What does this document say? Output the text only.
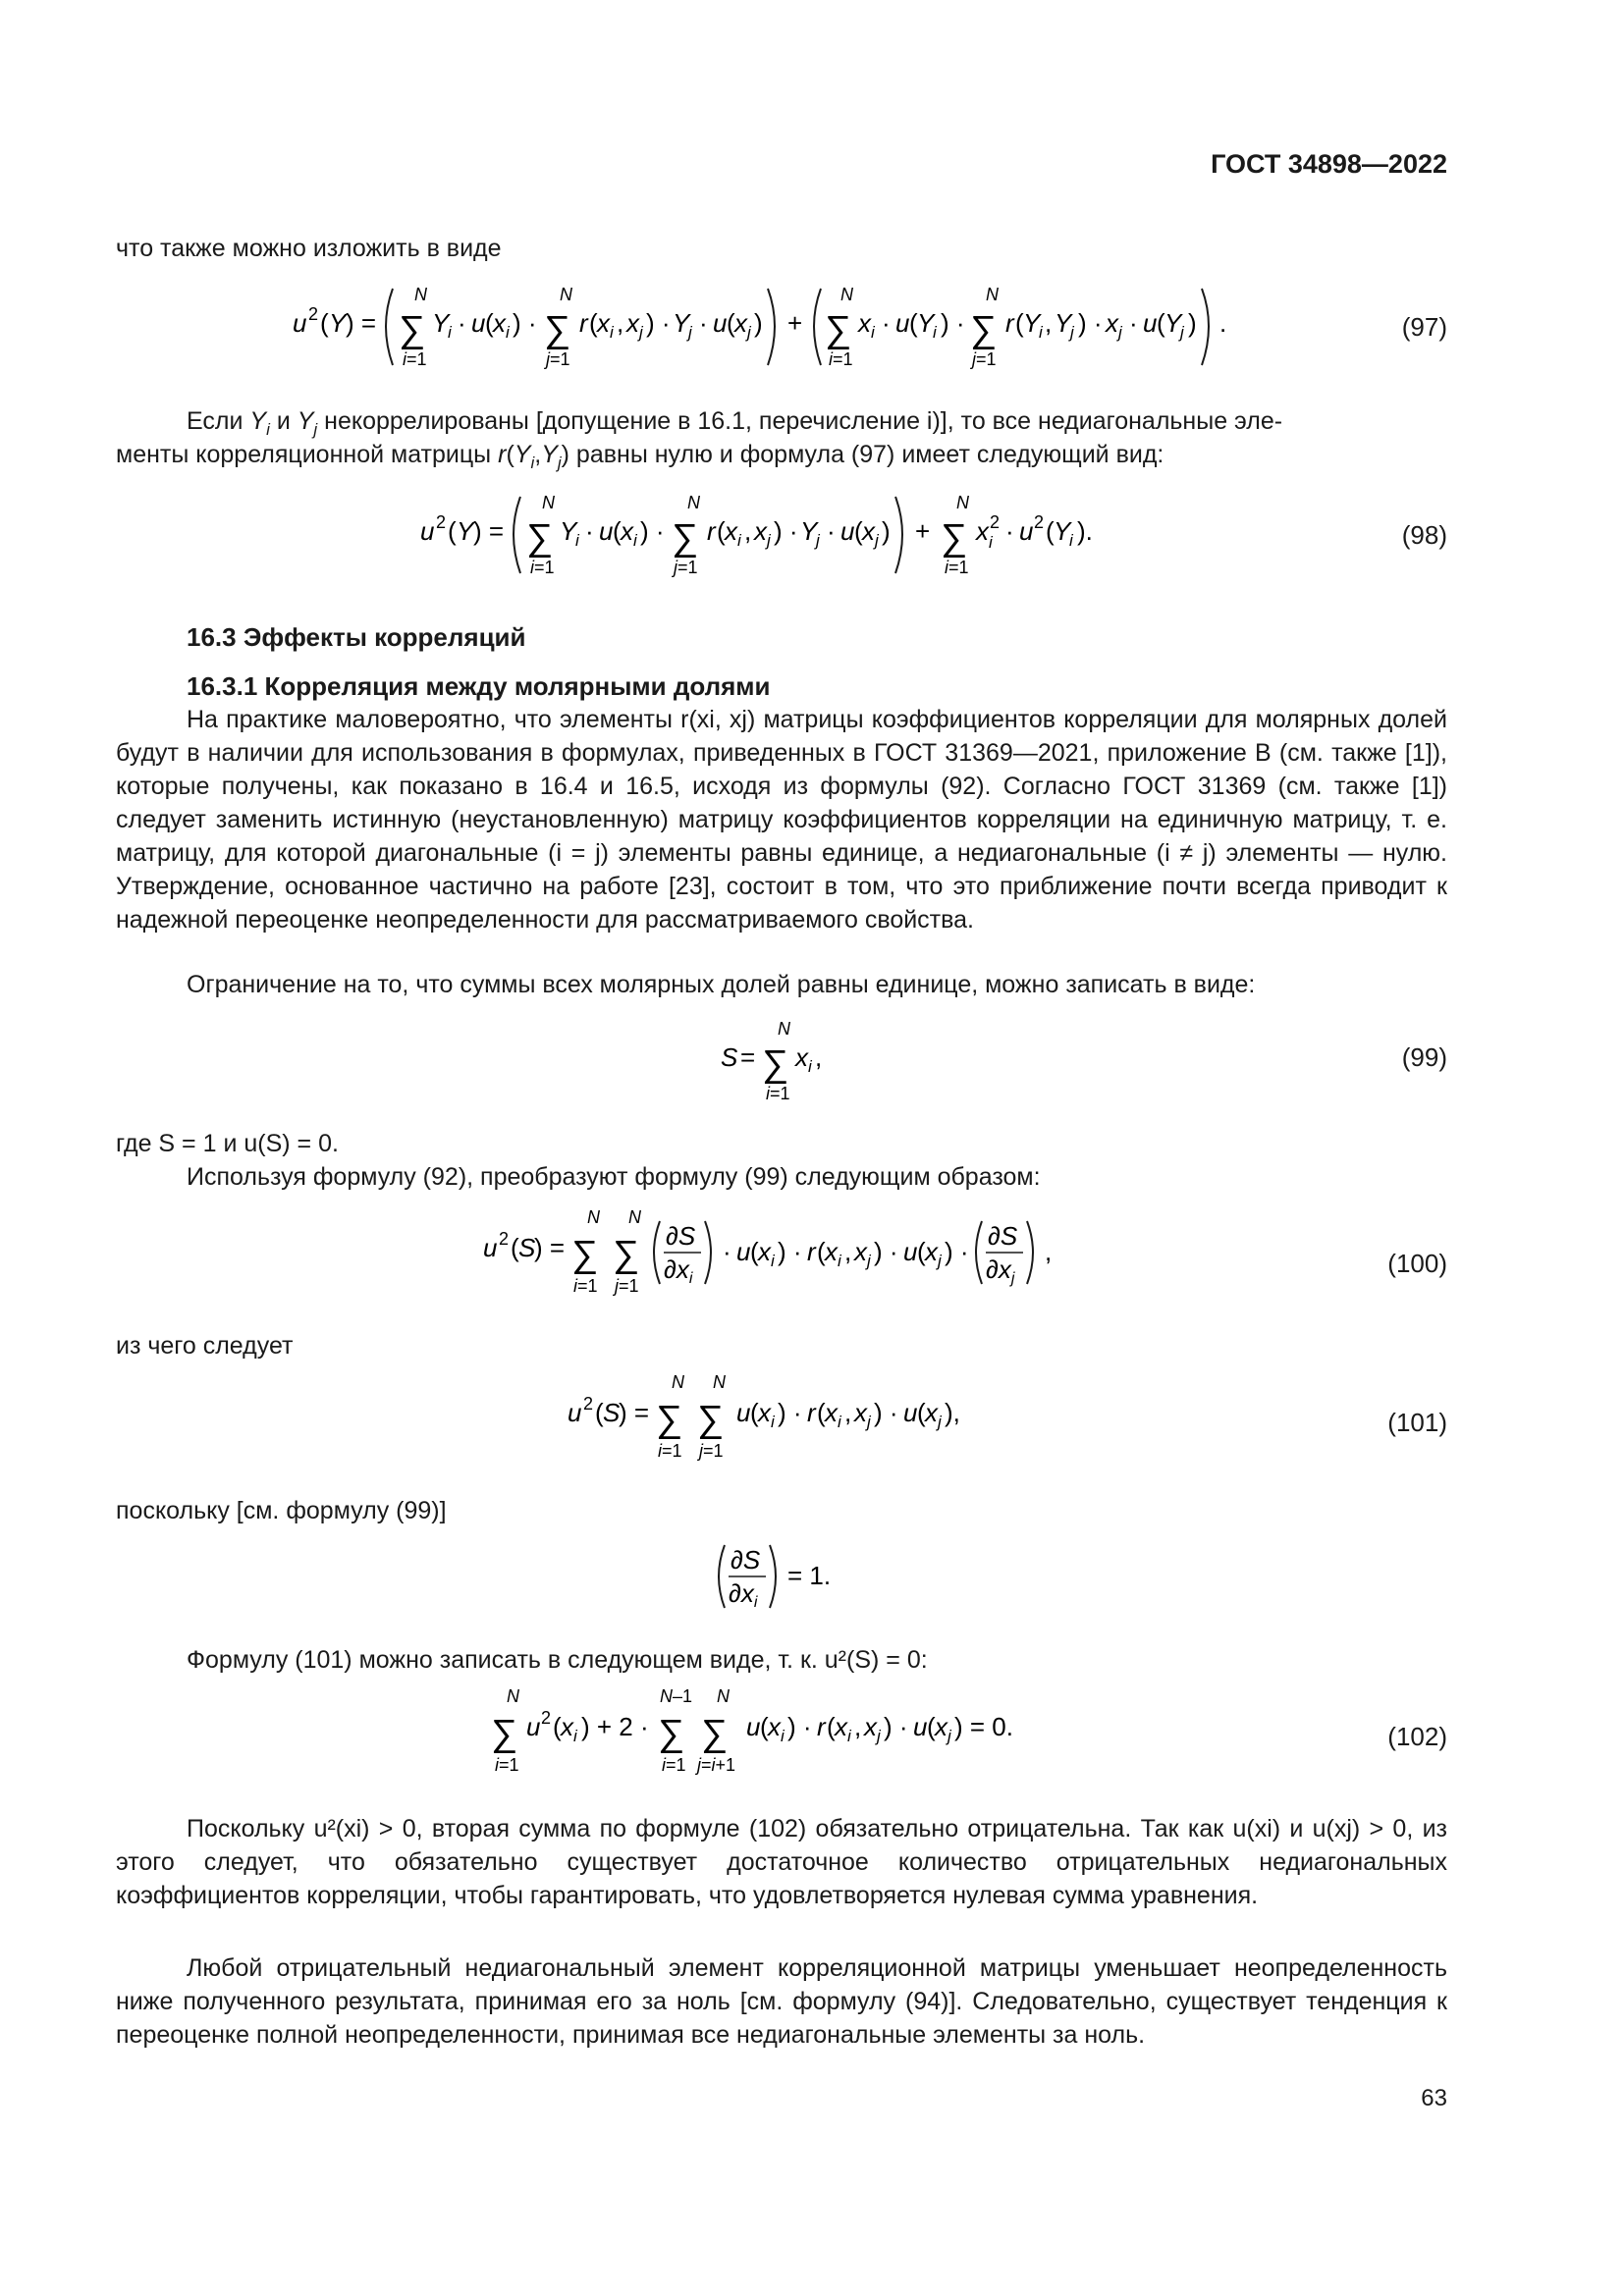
ГОСТ 34898—2022
что также можно изложить в виде
u 2 ( Y ) =
N
∑
i=1
Y
i · u ( x i ) ·
N
∑
j=1
r ( x i , x j ) · Y
j · u ( x j ) +
N
∑
i=1
x i · u ( Y
i ) ·
N
∑
j=1
r ( Y
i , Y
j ) · x j · u ( Y
j ) .	(97)
Если $Y_i$ и $Y_j$ некоррелированы [допущение в 16.1, перечисление i)], то все недиагональные эле-
менты корреляционной матрицы $r(Y_i,Y_j)$ равны нулю и формула (97) имеет следующий вид:
u 2 ( Y ) =
N
∑
i=1
Y
i · u ( x i ) ·
N
∑
j=1
r ( x i , x j ) · Y
j · u ( x j ) +
N
∑
i=1
x 2
i · u 2 ( Y
i ).	(98)
16.3 Эффекты корреляций
16.3.1 Корреляция между молярными долями
На практике маловероятно, что элементы r(xi, xj) матрицы коэффициентов корреляции для молярных долей будут в наличии для использования в формулах, приведенных в ГОСТ 31369—2021, приложение В (см. также [1]), которые получены, как показано в 16.4 и 16.5, исходя из формулы (92). Согласно ГОСТ 31369 (см. также [1]) следует заменить истинную (неустановленную) матрицу коэффициентов корреляции на единичную матрицу, т. е. матрицу, для которой диагональные (i = j) элементы равны единице, а недиагональные (i ≠ j) элементы — нулю. Утверждение, основанное частично на работе [23], состоит в том, что это приближение почти всегда приводит к надежной переоценке неопределенности для рассматриваемого свойства.
Ограничение на то, что суммы всех молярных долей равны единице, можно записать в виде:
S =
N
∑
i=1
x i ,	(99)
где S = 1 и u(S) = 0.
Используя формулу (92), преобразуют формулу (99) следующим образом:
u 2 ( S
) =
N
∑
i=1
N
∑
j=1
∂S
∂xi
· u ( x i ) · r ( x i , x j ) · u ( x j ) ·
∂S
∂xj
,	(100)
из чего следует
u 2 ( S
) =
N
∑
i=1
N
∑
j=1
u ( x i ) · r ( x i , x j ) · u ( x j ),	(101)
поскольку [см. формулу (99)]
∂S
∂xi
= 1.
Формулу (101) можно записать в следующем виде, т. к. u²(S) = 0:
N
∑
i=1
u 2 ( x i ) + 2 ·
N–1
∑
i=1
N
∑
j=i+1
u ( x i ) · r ( x i , x j ) · u ( x j ) = 0.	(102)
Поскольку u²(xi) > 0, вторая сумма по формуле (102) обязательно отрицательна. Так как u(xi) и u(xj) > 0, из этого следует, что обязательно существует достаточное количество отрицательных недиагональных коэффициентов корреляции, чтобы гарантировать, что удовлетворяется нулевая сумма уравнения.
Любой отрицательный недиагональный элемент корреляционной матрицы уменьшает неопределенность ниже полученного результата, принимая его за ноль [см. формулу (94)]. Следовательно, существует тенденция к переоценке полной неопределенности, принимая все недиагональные элементы за ноль.
63
